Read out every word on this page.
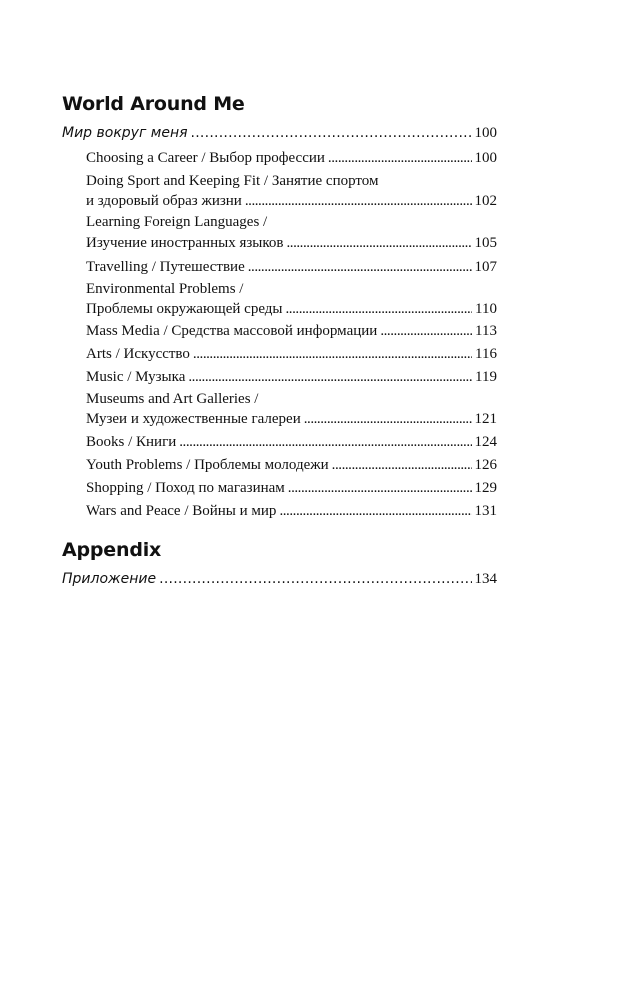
World Around Me
Мир вокруг меня . . .	100
Choosing a Career / Выбор профессии . . .	100
Doing Sport and Keeping Fit / Занятие спортом
и здоровый образ жизни . . .	102
Learning Foreign Languages /
Изучение иностранных языков . . .	105
Travelling / Путешествие . . .	107
Environmental Problems /
Проблемы окружающей среды . . .	110
Mass Media / Средства массовой информации . . .	113
Arts / Искусство . . .	116
Music / Музыка . . .	119
Museums and Art Galleries /
Музеи и художественные галереи . . .	121
Books / Книги . . .	124
Youth Problems / Проблемы молодежи . . .	126
Shopping / Поход по магазинам . . .	129
Wars and Peace / Войны и мир . . .	131
Appendix
Приложение . . .	134
